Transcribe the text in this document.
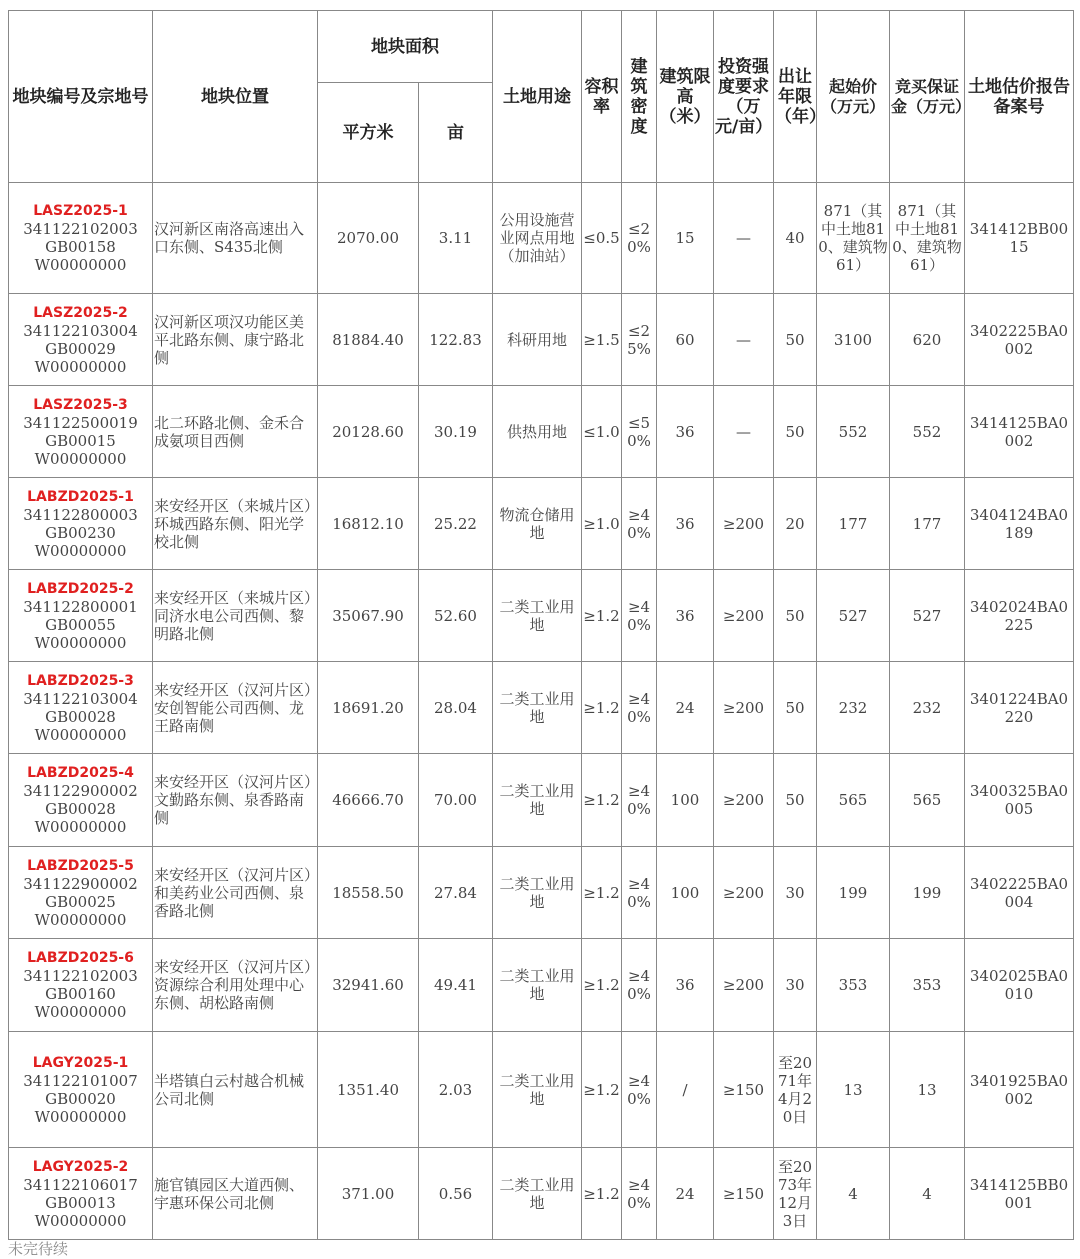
地块编号及宗地号	地块位置	地块面积		土地用途	容积率	建筑密度	建筑限高（米）	投资强度要求（万元/亩）	出让年限（年）	起始价（万元）	竞买保证金（万元）	土地估价报告备案号
		平方米	亩									

LASZ2025-1
341122102003
GB00158
W00000000	汉河新区南洛高速出入口东侧、S435北侧	2070.00	3.11	公用设施营业网点用地（加油站）	≤0.5	≤20%	15	—	40	871（其中土地810、建筑物61）	871（其中土地810、建筑物61）	341412BB0015

LASZ2025-2
341122103004
GB00029
W00000000	汉河新区项汉功能区美平北路东侧、康宁路北侧	81884.40	122.83	科研用地	≥1.5	≤25%	60	—	50	3100	620	3402225BA0002

LASZ2025-3
341122500019
GB00015
W00000000	北二环路北侧、金禾合成氨项目西侧	20128.60	30.19	供热用地	≤1.0	≤50%	36	—	50	552	552	3414125BA0002

LABZD2025-1
341122800003
GB00230
W00000000	来安经开区（来城片区）环城西路东侧、阳光学校北侧	16812.10	25.22	物流仓储用地	≥1.0	≥40%	36	≥200	20	177	177	3404124BA0189

LABZD2025-2
341122800001
GB00055
W00000000	来安经开区（来城片区）同济水电公司西侧、黎明路北侧	35067.90	52.60	二类工业用地	≥1.2	≥40%	36	≥200	50	527	527	3402024BA0225

LABZD2025-3
341122103004
GB00028
W00000000	来安经开区（汉河片区）安创智能公司西侧、龙王路南侧	18691.20	28.04	二类工业用地	≥1.2	≥40%	24	≥200	50	232	232	3401224BA0220

LABZD2025-4
341122900002
GB00028
W00000000	来安经开区（汉河片区）文勤路东侧、泉香路南侧	46666.70	70.00	二类工业用地	≥1.2	≥40%	100	≥200	50	565	565	3400325BA0005

LABZD2025-5
341122900002
GB00025
W00000000	来安经开区（汉河片区）和美药业公司西侧、泉香路北侧	18558.50	27.84	二类工业用地	≥1.2	≥40%	100	≥200	30	199	199	3402225BA0004

LABZD2025-6
341122102003
GB00160
W00000000	来安经开区（汉河片区）资源综合利用处理中心东侧、胡松路南侧	32941.60	49.41	二类工业用地	≥1.2	≥40%	36	≥200	30	353	353	3402025BA0010

LAGY2025-1
341122101007
GB00020
W00000000	半塔镇白云村越合机械公司北侧	1351.40	2.03	二类工业用地	≥1.2	≥40%	/	≥150	至2071年4月20日	13	13	3401925BA0002

LAGY2025-2
341122106017
GB00013
W00000000	施官镇园区大道西侧、宇惠环保公司北侧	371.00	0.56	二类工业用地	≥1.2	≥40%	24	≥150	至2073年12月3日	4	4	3414125BB0001
未完待续
